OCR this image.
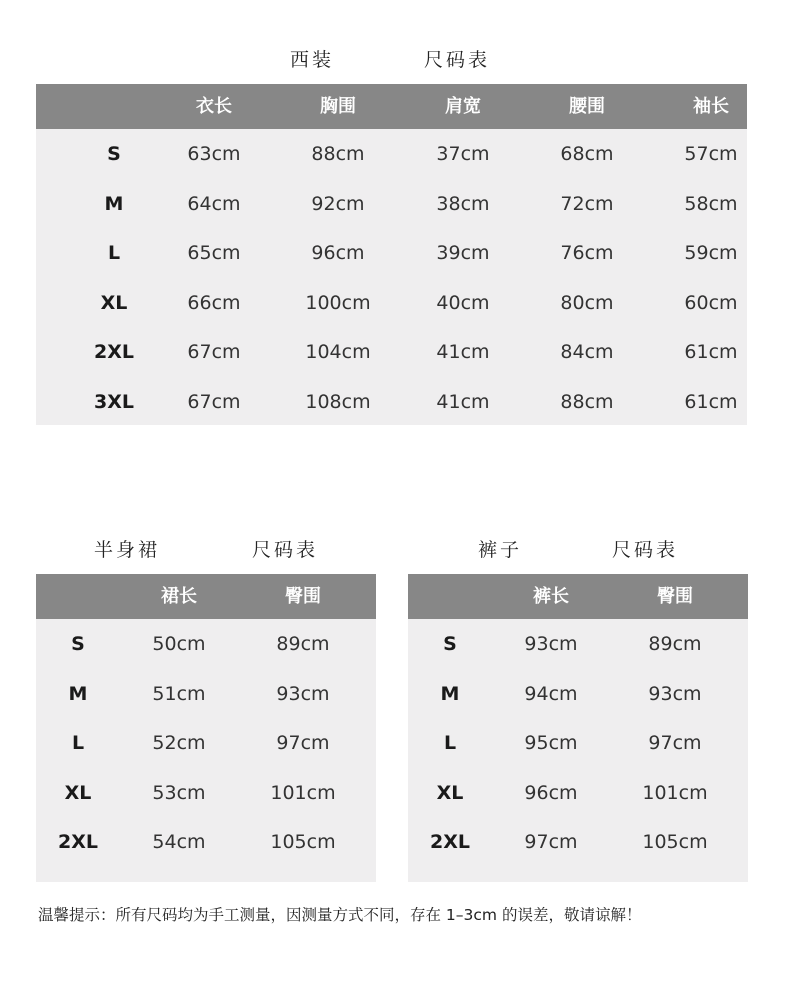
西装	尺码表
衣长	胸围	肩宽	腰围	袖长
S	63cm	88cm	37cm	68cm	57cm
M	64cm	92cm	38cm	72cm	58cm
L	65cm	96cm	39cm	76cm	59cm
XL	66cm	100cm	40cm	80cm	60cm
2XL	67cm	104cm	41cm	84cm	61cm
3XL	67cm	108cm	41cm	88cm	61cm
半身裙	尺码表
裙长	臀围
S	50cm	89cm
M	51cm	93cm
L	52cm	97cm
XL	53cm	101cm
2XL	54cm	105cm
裤子	尺码表
裤长	臀围
S	93cm	89cm
M	94cm	93cm
L	95cm	97cm
XL	96cm	101cm
2XL	97cm	105cm
温馨提示：所有尺码均为手工测量，因测量方式不同，存在 1–3cm 的误差，敬请谅解！
